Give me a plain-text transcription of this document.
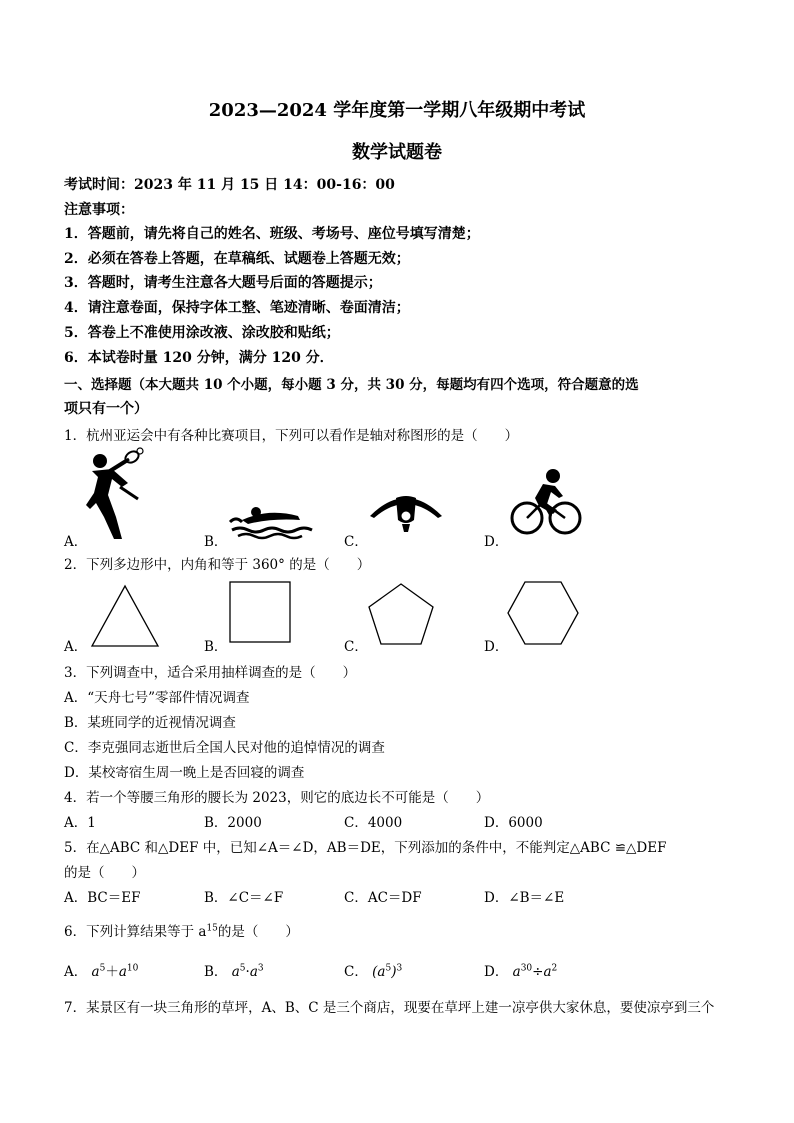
2023—2024 学年度第一学期八年级期中考试
数学试题卷
考试时间：2023 年 11 月 15 日 14：00-16：00
注意事项：
1．答题前，请先将自己的姓名、班级、考场号、座位号填写清楚；
2．必须在答卷上答题，在草稿纸、试题卷上答题无效；
3．答题时，请考生注意各大题号后面的答题提示；
4．请注意卷面，保持字体工整、笔迹清晰、卷面清洁；
5．答卷上不准使用涂改液、涂改胶和贴纸；
6．本试卷时量 120 分钟，满分 120 分．
一、选择题（本大题共 10 个小题，每小题 3 分，共 30 分，每题均有四个选项，符合题意的选
项只有一个）
1．杭州亚运会中有各种比赛项目，下列可以看作是轴对称图形的是（　　）
A．	B．	C．	D．
2．下列多边形中，内角和等于 360° 的是（　　）
A．	B．	C．	D．
3．下列调查中，适合采用抽样调查的是（　　）
A．“天舟七号”零部件情况调查
B．某班同学的近视情况调查
C．李克强同志逝世后全国人民对他的追悼情况的调查
D．某校寄宿生周一晚上是否回寝的调查
4．若一个等腰三角形的腰长为 2023，则它的底边长不可能是（　　）
A．1	B．2000	C．4000	D．6000
5．在△ABC 和△DEF 中，已知∠A＝∠D，AB＝DE，下列添加的条件中，不能判定△ABC ≌△DEF
的是（　　）
A．BC＝EF	B．∠C＝∠F	C．AC＝DF	D．∠B＝∠E
6．下列计算结果等于 $a^{15}$的是（　　）
A． $a^5+a^{10}$	B． $a^5\cdot a^3$	C． $(a^5)^3$	D． $a^{30}\div a^2$
7．某景区有一块三角形的草坪，A、B、C 是三个商店，现要在草坪上建一凉亭供大家休息，要使凉亭到三个
